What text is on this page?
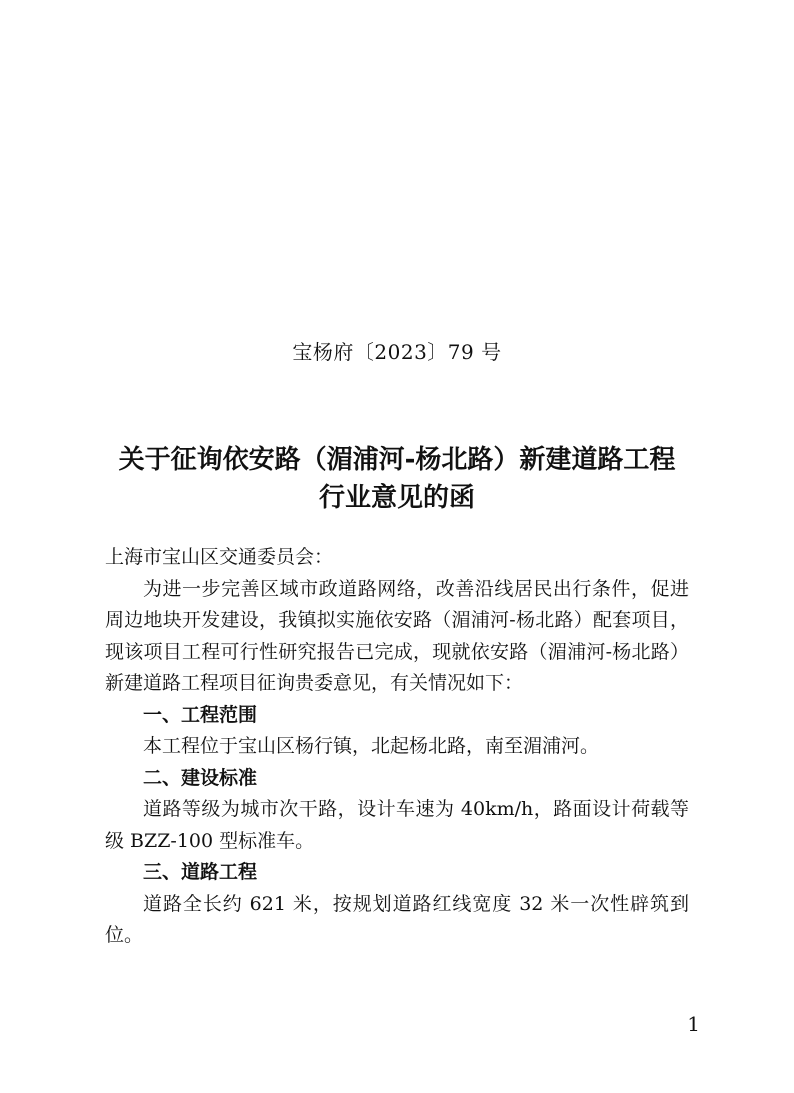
宝杨府〔2023〕79 号
关于征询依安路（湄浦河-杨北路）新建道路工程
行业意见的函

上海市宝山区交通委员会：

为进一步完善区域市政道路网络，改善沿线居民出行条件，促进周边地块开发建设，我镇拟实施依安路（湄浦河-杨北路）配套项目，现该项目工程可行性研究报告已完成，现就依安路（湄浦河-杨北路）新建道路工程项目征询贵委意见，有关情况如下：

一、工程范围

本工程位于宝山区杨行镇，北起杨北路，南至湄浦河。

二、建设标准

道路等级为城市次干路，设计车速为 40km/h，路面设计荷载等级 BZZ-100 型标准车。

三、道路工程

道路全长约 621 米，按规划道路红线宽度 32 米一次性辟筑到位。

1
